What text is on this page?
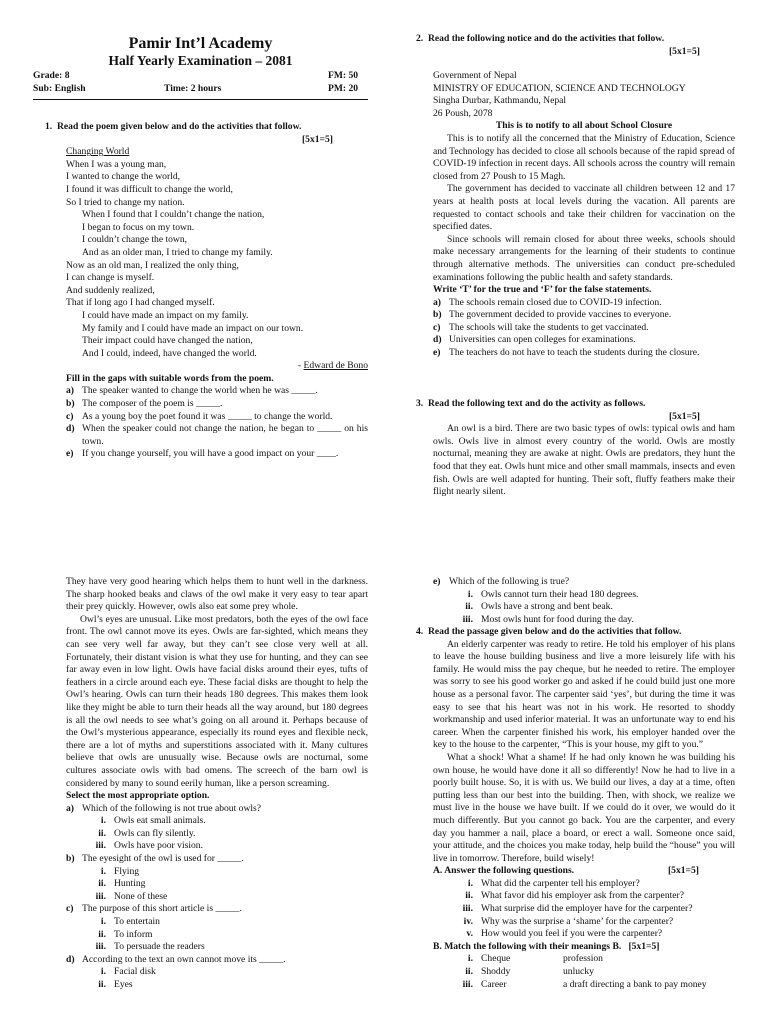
Pamir Int’l Academy
Half Yearly Examination – 2081
Grade: 8	FM: 50
Sub: English	Time: 2 hours	PM: 20
1. Read the poem given below and do the activities that follow.
[5x1=5]
Changing World
When I was a young man,
I wanted to change the world,
I found it was difficult to change the world,
So I tried to change my nation.
When I found that I couldn’t change the nation,
I began to focus on my town.
I couldn’t change the town,
And as an older man, I tried to change my family.
Now as an old man, I realized the only thing,
I can change is myself.
And suddenly realized,
That if long ago I had changed myself.
I could have made an impact on my family.
My family and I could have made an impact on our town.
Their impact could have changed the nation,
And I could, indeed, have changed the world.
- Edward de Bono
Fill in the gaps with suitable words from the poem.
a) The speaker wanted to change the world when he was _____.
b) The composer of the poem is _____.
c) As a young boy the poet found it was _____ to change the world.
d) When the speaker could not change the nation, he began to _____ on his town.
e) If you change yourself, you will have a good impact on your ____.
2. Read the following notice and do the activities that follow.
[5x1=5]
Government of Nepal
MINISTRY OF EDUCATION, SCIENCE AND TECHNOLOGY
Singha Durbar, Kathmandu, Nepal
26 Poush, 2078
This is to notify to all about School Closure
This is to notify all the concerned that the Ministry of Education, Science and Technology has decided to close all schools because of the rapid spread of COVID-19 infection in recent days. All schools across the country will remain closed from 27 Poush to 15 Magh.
The government has decided to vaccinate all children between 12 and 17 years at health posts at local levels during the vacation. All parents are requested to contact schools and take their children for vaccination on the specified dates.
Since schools will remain closed for about three weeks, schools should make necessary arrangements for the learning of their students to continue through alternative methods. The universities can conduct pre-scheduled examinations following the public health and safety standards.
Write ‘T’ for the true and ‘F’ for the false statements.
a) The schools remain closed due to COVID-19 infection.
b) The government decided to provide vaccines to everyone.
c) The schools will take the students to get vaccinated.
d) Universities can open colleges for examinations.
e) The teachers do not have to teach the students during the closure.
3. Read the following text and do the activity as follows.
[5x1=5]
An owl is a bird. There are two basic types of owls: typical owls and ham owls. Owls live in almost every country of the world. Owls are mostly nocturnal, meaning they are awake at night. Owls are predators, they hunt the food that they eat. Owls hunt mice and other small mammals, insects and even fish. Owls are well adapted for hunting. Their soft, fluffy feathers make their flight nearly silent.
They have very good hearing which helps them to hunt well in the darkness. The sharp hooked beaks and claws of the owl make it very easy to tear apart their prey quickly. However, owls also eat some prey whole.
Owl’s eyes are unusual. Like most predators, both the eyes of the owl face front. The owl cannot move its eyes. Owls are far-sighted, which means they can see very well far away, but they can’t see close very well at all. Fortunately, their distant vision is what they use for hunting, and they can see far away even in low light. Owls have facial disks around their eyes, tufts of feathers in a circle around each eye. These facial disks are thought to help the Owl’s hearing. Owls can turn their heads 180 degrees. This makes them look like they might be able to turn their heads all the way around, but 180 degrees is all the owl needs to see what’s going on all around it. Perhaps because of the Owl’s mysterious appearance, especially its round eyes and flexible neck, there are a lot of myths and superstitions associated with it. Many cultures believe that owls are unusually wise. Because owls are nocturnal, some cultures associate owls with bad omens. The screech of the barn owl is considered by many to sound eerily human, like a person screaming.
Select the most appropriate option.
a) Which of the following is not true about owls?
i. Owls eat small animals.
ii. Owls can fly silently.
iii. Owls have poor vision.
b) The eyesight of the owl is used for _____.
i. Flying
ii. Hunting
iii. None of these
c) The purpose of this short article is _____.
i. To entertain
ii. To inform
iii. To persuade the readers
d) According to the text an own cannot move its _____.
i. Facial disk
ii. Eyes
e) Which of the following is true?
i. Owls cannot turn their head 180 degrees.
ii. Owls have a strong and bent beak.
iii. Most owls hunt for food during the day.
4. Read the passage given below and do the activities that follow.
An elderly carpenter was ready to retire. He told his employer of his plans to leave the house building business and live a more leisurely life with his family. He would miss the pay cheque, but he needed to retire. The employer was sorry to see his good worker go and asked if he could build just one more house as a personal favor. The carpenter said ‘yes’, but during the time it was easy to see that his heart was not in his work. He resorted to shoddy workmanship and used inferior material. It was an unfortunate way to end his career. When the carpenter finished his work, his employer handed over the key to the house to the carpenter, “This is your house, my gift to you.”
What a shock! What a shame! If he had only known he was building his own house, he would have done it all so differently! Now he had to live in a poorly built house. So, it is with us. We build our lives, a day at a time, often putting less than our best into the building. Then, with shock, we realize we must live in the house we have built. If we could do it over, we would do it much differently. But you cannot go back. You are the carpenter, and every day you hammer a nail, place a board, or erect a wall. Someone once said, your attitude, and the choices you make today, help build the “house” you will live in tomorrow. Therefore, build wisely!
A. Answer the following questions.	[5x1=5]
i. What did the carpenter tell his employer?
ii. What favor did his employer ask from the carpenter?
iii. What surprise did the employer have for the carpenter?
iv. Why was the surprise a ‘shame’ for the carpenter?
v. How would you feel if you were the carpenter?
B. Match the following with their meanings B. [5x1=5]
i. Cheque	profession
ii. Shoddy	unlucky
iii. Career	a draft directing a bank to pay money
